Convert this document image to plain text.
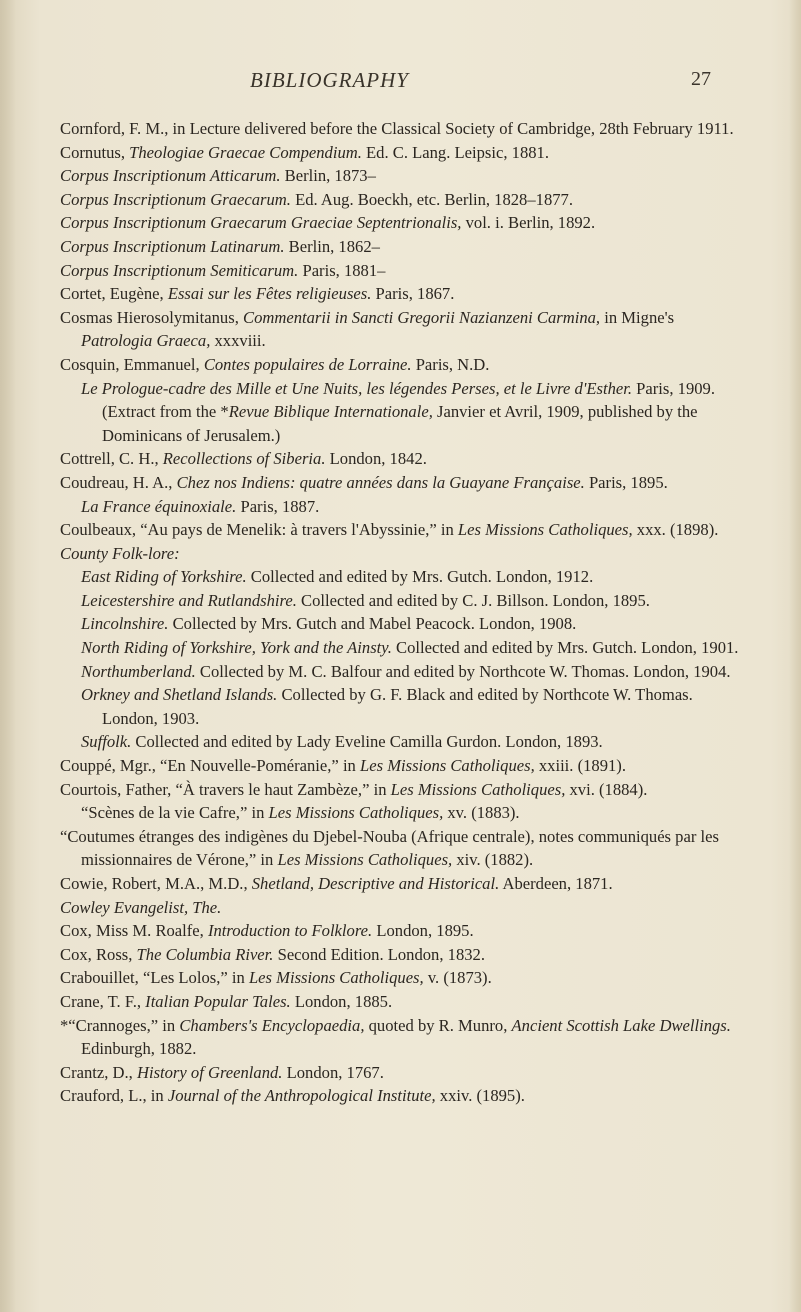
BIBLIOGRAPHY	27

Cornford, F. M., in Lecture delivered before the Classical Society of Cambridge, 28th February 1911.

Cornutus, Theologiae Graecae Compendium. Ed. C. Lang. Leipsic, 1881.

Corpus Inscriptionum Atticarum. Berlin, 1873–

Corpus Inscriptionum Graecarum. Ed. Aug. Boeckh, etc. Berlin, 1828–1877.

Corpus Inscriptionum Graecarum Graeciae Septentrionalis, vol. i. Berlin, 1892.

Corpus Inscriptionum Latinarum. Berlin, 1862–

Corpus Inscriptionum Semiticarum. Paris, 1881–

Cortet, Eugène, Essai sur les Fêtes religieuses. Paris, 1867.

Cosmas Hierosolymitanus, Commentarii in Sancti Gregorii Nazianzeni Carmina, in Migne's Patrologia Graeca, xxxviii.

Cosquin, Emmanuel, Contes populaires de Lorraine. Paris, N.D.

Le Prologue-cadre des Mille et Une Nuits, les légendes Perses, et le Livre d'Esther. Paris, 1909. (Extract from the *Revue Biblique Internationale, Janvier et Avril, 1909, published by the Dominicans of Jerusalem.)

Cottrell, C. H., Recollections of Siberia. London, 1842.

Coudreau, H. A., Chez nos Indiens: quatre années dans la Guayane Française. Paris, 1895.

La France équinoxiale. Paris, 1887.

Coulbeaux, “Au pays de Menelik: à travers l'Abyssinie,” in Les Missions Catholiques, xxx. (1898).

County Folk-lore:

East Riding of Yorkshire. Collected and edited by Mrs. Gutch. London, 1912.

Leicestershire and Rutlandshire. Collected and edited by C. J. Billson. London, 1895.

Lincolnshire. Collected by Mrs. Gutch and Mabel Peacock. London, 1908.

North Riding of Yorkshire, York and the Ainsty. Collected and edited by Mrs. Gutch. London, 1901.

Northumberland. Collected by M. C. Balfour and edited by Northcote W. Thomas. London, 1904.

Orkney and Shetland Islands. Collected by G. F. Black and edited by Northcote W. Thomas. London, 1903.

Suffolk. Collected and edited by Lady Eveline Camilla Gurdon. London, 1893.

Couppé, Mgr., “En Nouvelle-Poméranie,” in Les Missions Catholiques, xxiii. (1891).

Courtois, Father, “À travers le haut Zambèze,” in Les Missions Catholiques, xvi. (1884).

“Scènes de la vie Cafre,” in Les Missions Catholiques, xv. (1883).

“Coutumes étranges des indigènes du Djebel-Nouba (Afrique centrale), notes communiqués par les missionnaires de Vérone,” in Les Missions Catholiques, xiv. (1882).

Cowie, Robert, M.A., M.D., Shetland, Descriptive and Historical. Aberdeen, 1871.

Cowley Evangelist, The.

Cox, Miss M. Roalfe, Introduction to Folklore. London, 1895.

Cox, Ross, The Columbia River. Second Edition. London, 1832.

Crabouillet, “Les Lolos,” in Les Missions Catholiques, v. (1873).

Crane, T. F., Italian Popular Tales. London, 1885.

*“Crannoges,” in Chambers's Encyclopaedia, quoted by R. Munro, Ancient Scottish Lake Dwellings. Edinburgh, 1882.

Crantz, D., History of Greenland. London, 1767.

Crauford, L., in Journal of the Anthropological Institute, xxiv. (1895).
